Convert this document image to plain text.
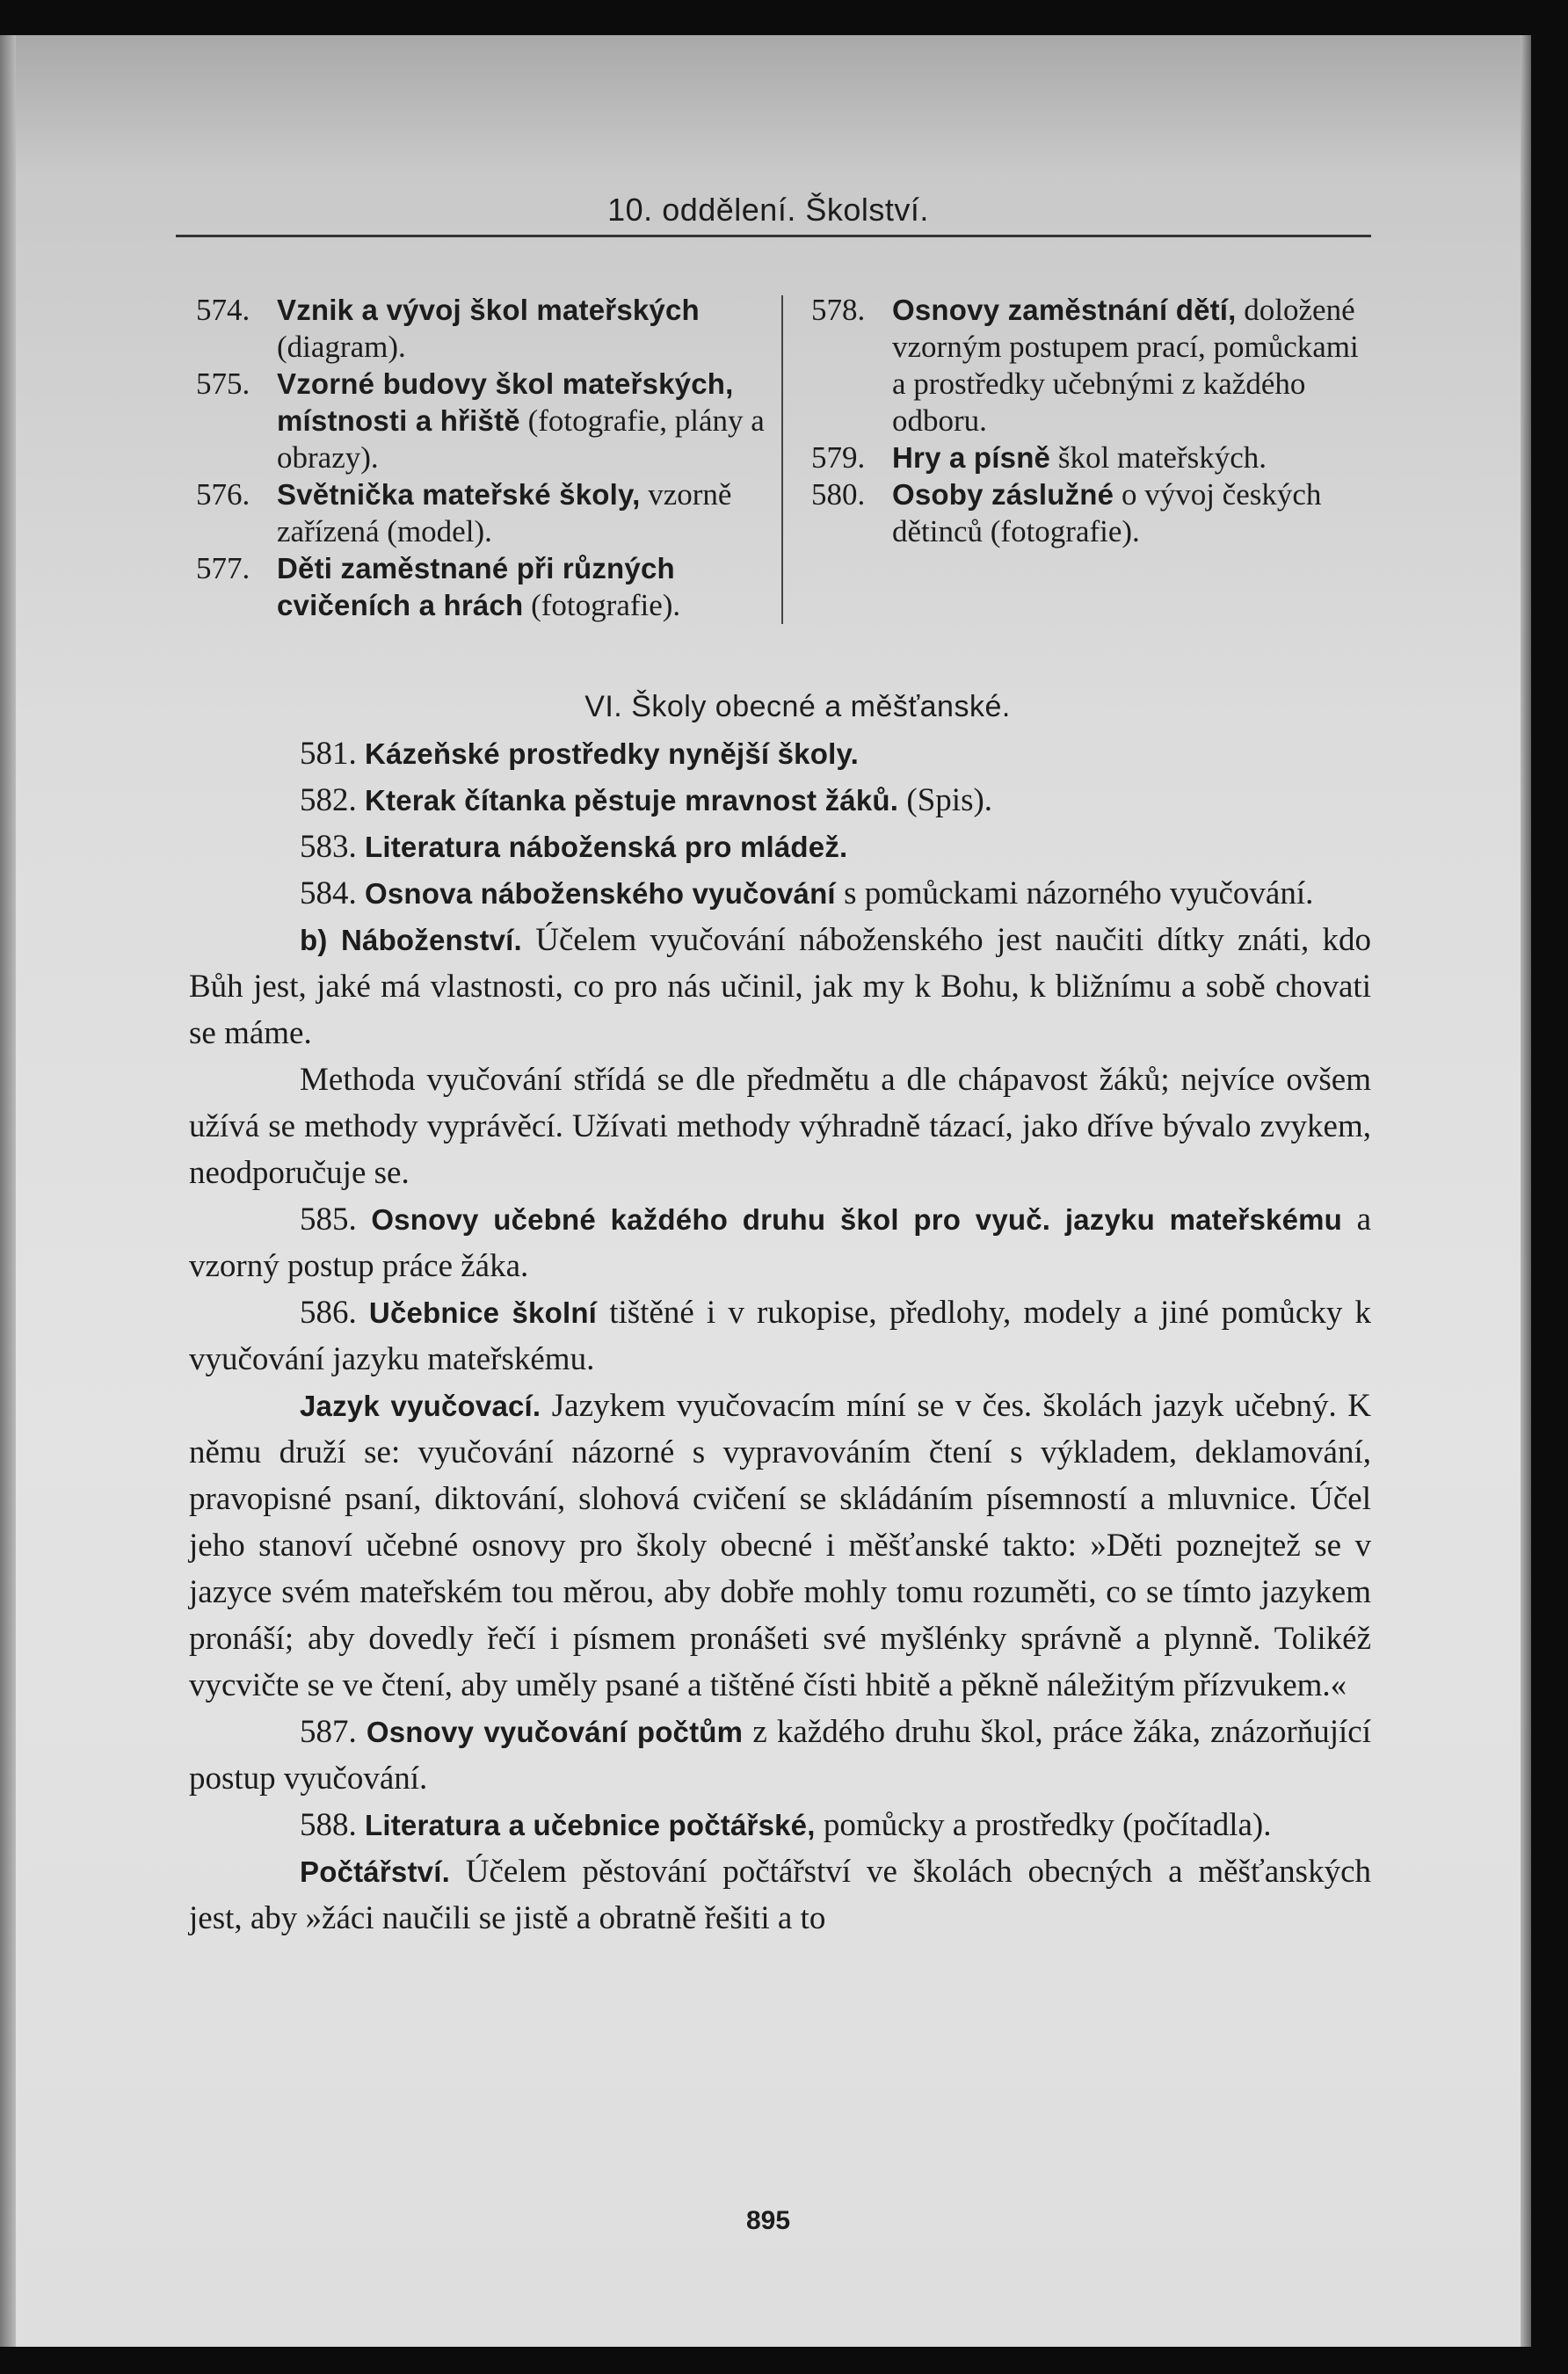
10. oddělení. Školství.
574. Vznik a vývoj škol mateřských (diagram).
575. Vzorné budovy škol mateřských, místnosti a hřiště (fotografie, plány a obrazy).
576. Světnička mateřské školy, vzorně zařízená (model).
577. Děti zaměstnané při různých cvičeních a hrách (fotografie).
578. Osnovy zaměstnání dětí, doložené vzorným postupem prací, pomůckami a prostředky učebnými z každého odboru.
579. Hry a písně škol mateřských.
580. Osoby záslužné o vývoj českých dětinců (fotografie).

VI. Školy obecné a měšťanské.

581. Kázeňské prostředky nynější školy.

582. Kterak čítanka pěstuje mravnost žáků. (Spis).

583. Literatura náboženská pro mládež.

584. Osnova náboženského vyučování s pomůckami názorného vyučování.

b) Náboženství. Účelem vyučování náboženského jest naučiti dítky znáti, kdo Bůh jest, jaké má vlastnosti, co pro nás učinil, jak my k Bohu, k bližnímu a sobě chovati se máme.

Methoda vyučování střídá se dle předmětu a dle chápavost žáků; nejvíce ovšem užívá se methody vyprávěcí. Užívati methody výhradně tázací, jako dříve bývalo zvykem, neodporučuje se.

585. Osnovy učebné každého druhu škol pro vyuč. jazyku mateřskému a vzorný postup práce žáka.

586. Učebnice školní tištěné i v rukopise, předlohy, modely a jiné pomůcky k vyučování jazyku mateřskému.

Jazyk vyučovací. Jazykem vyučovacím míní se v čes. školách jazyk učebný. K němu druží se: vyučování názorné s vypravováním čtení s výkladem, deklamování, pravopisné psaní, diktování, slohová cvičení se skládáním písemností a mluvnice. Účel jeho stanoví učebné osnovy pro školy obecné i měšťanské takto: »Děti poznejtež se v jazyce svém mateřském tou měrou, aby dobře mohly tomu rozuměti, co se tímto jazykem pronáší; aby dovedly řečí i písmem pronášeti své myšlénky správně a plynně. Tolikéž vycvičte se ve čtení, aby uměly psané a tištěné čísti hbitě a pěkně náležitým přízvukem.«

587. Osnovy vyučování počtům z každého druhu škol, práce žáka, znázorňující postup vyučování.

588. Literatura a učebnice počtářské, pomůcky a prostředky (počítadla).

Počtářství. Účelem pěstování počtářství ve školách obecných a měšťanských jest, aby »žáci naučili se jistě a obratně řešiti a to

895
